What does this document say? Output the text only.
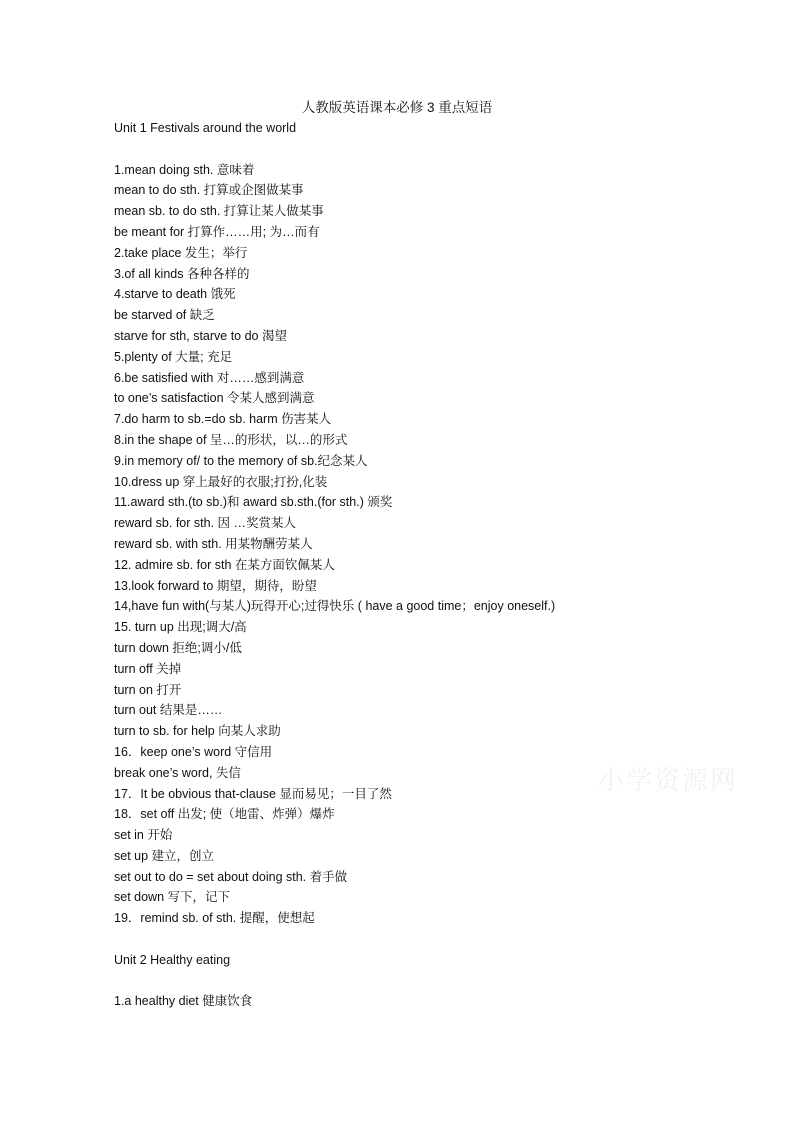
人教版英语课本必修 3 重点短语
Unit 1 Festivals around the world
1.mean doing sth. 意味着
mean to do sth. 打算或企图做某事
mean sb. to do sth. 打算让某人做某事
be meant for 打算作……用; 为…而有
2.take place 发生；举行
3.of all kinds 各种各样的
4.starve to death 饿死
be starved of 缺乏
starve for sth, starve to do 渴望
5.plenty of 大量; 充足
6.be satisfied with 对……感到满意
to one’s satisfaction 令某人感到满意
7.do harm to sb.=do sb. harm 伤害某人
8.in the shape of 呈…的形状，以…的形式
9.in memory of/ to the memory of sb.纪念某人
10.dress up 穿上最好的衣服;打扮,化装
11.award sth.(to sb.)和 award sb.sth.(for sth.) 颁奖
reward sb. for sth. 因 …奖赏某人
reward sb. with sth. 用某物酬劳某人
12. admire sb. for sth 在某方面钦佩某人
13.look forward to 期望，期待，盼望
14,have fun with(与某人)玩得开心;过得快乐 ( have a good time；enjoy oneself.)
15. turn up 出现;调大/高
turn down 拒绝;调小/低
turn off 关掉
turn on 打开
turn out 结果是……
turn to sb. for help 向某人求助
16．keep one’s word 守信用
break one’s word, 失信
17．It be obvious that-clause 显而易见；一目了然
18．set off 出发; 使（地雷、炸弹）爆炸
set in 开始
set up 建立，创立
set out to do = set about doing sth. 着手做
set down 写下，记下
19．remind sb. of sth. 提醒，使想起
Unit 2 Healthy eating
1.a healthy diet 健康饮食
小学资源网
